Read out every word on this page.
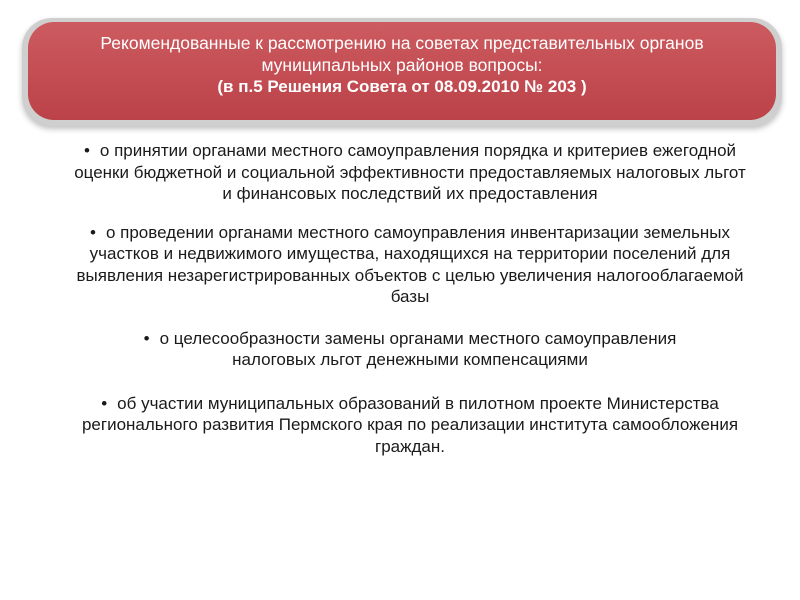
Рекомендованные к рассмотрению на советах представительных органов
муниципальных районов вопросы:
(в п.5 Решения Совета от 08.09.2010 № 203 )
• о принятии органами местного самоуправления порядка и критериев ежегодной оценки бюджетной и социальной эффективности предоставляемых налоговых льгот и финансовых последствий их предоставления
• о проведении органами местного самоуправления инвентаризации земельных участков и недвижимого имущества, находящихся на территории поселений для выявления незарегистрированных объектов с целью увеличения налогооблагаемой базы
• о целесообразности замены органами местного самоуправления налоговых льгот денежными компенсациями
• об участии муниципальных образований в пилотном проекте Министерства регионального развития Пермского края по реализации института самообложения граждан.
